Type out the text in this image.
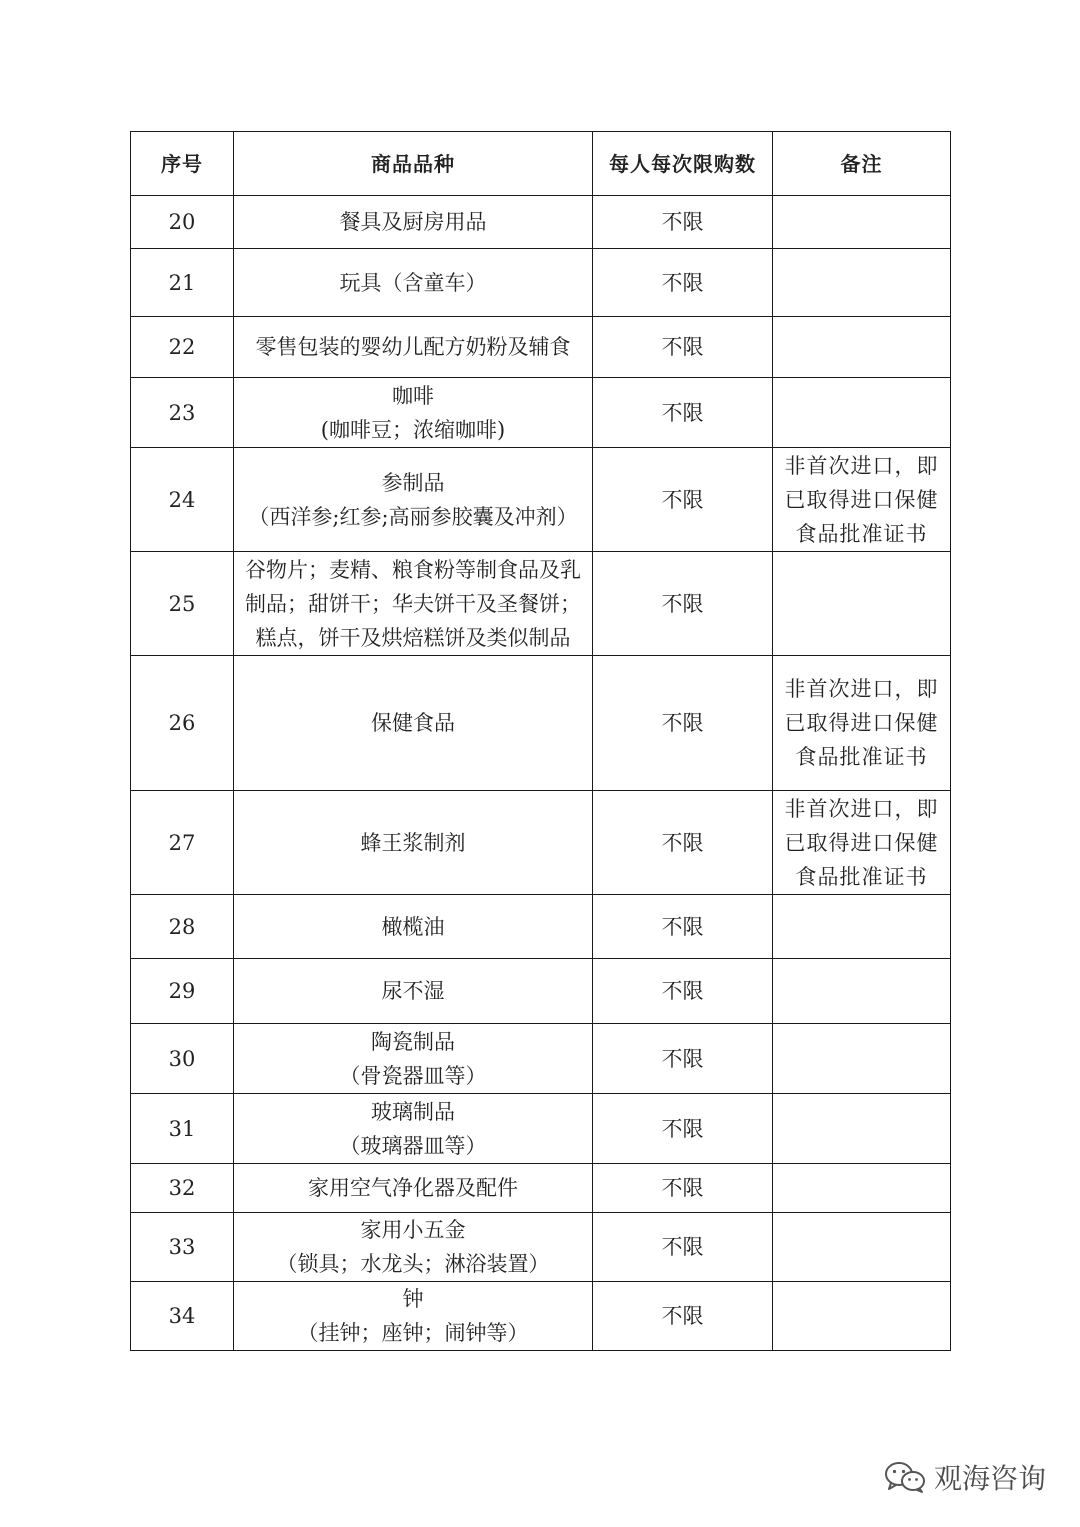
序号	商品品种	每人每次限购数	备注
20	餐具及厨房用品	不限	
21	玩具（含童车）	不限	
22	零售包装的婴幼儿配方奶粉及辅食	不限	
23	咖啡
(咖啡豆；浓缩咖啡)	不限	
24	参制品
（西洋参;红参;高丽参胶囊及冲剂）	不限	非首次进口，即
已取得进口保健
食品批准证书

25	谷物片；麦精、粮食粉等制食品及乳
制品；甜饼干；华夫饼干及圣餐饼；
糕点，饼干及烘焙糕饼及类似制品	不限	
26	保健食品	不限	非首次进口，即
已取得进口保健
食品批准证书

27	蜂王浆制剂	不限	非首次进口，即
已取得进口保健
食品批准证书

28	橄榄油	不限	
29	尿不湿	不限	
30	陶瓷制品
（骨瓷器皿等）	不限	
31	玻璃制品
（玻璃器皿等）	不限	
32	家用空气净化器及配件	不限	
33	家用小五金
（锁具；水龙头；淋浴装置）	不限	
34	钟
（挂钟；座钟；闹钟等）	不限	
观海咨询
